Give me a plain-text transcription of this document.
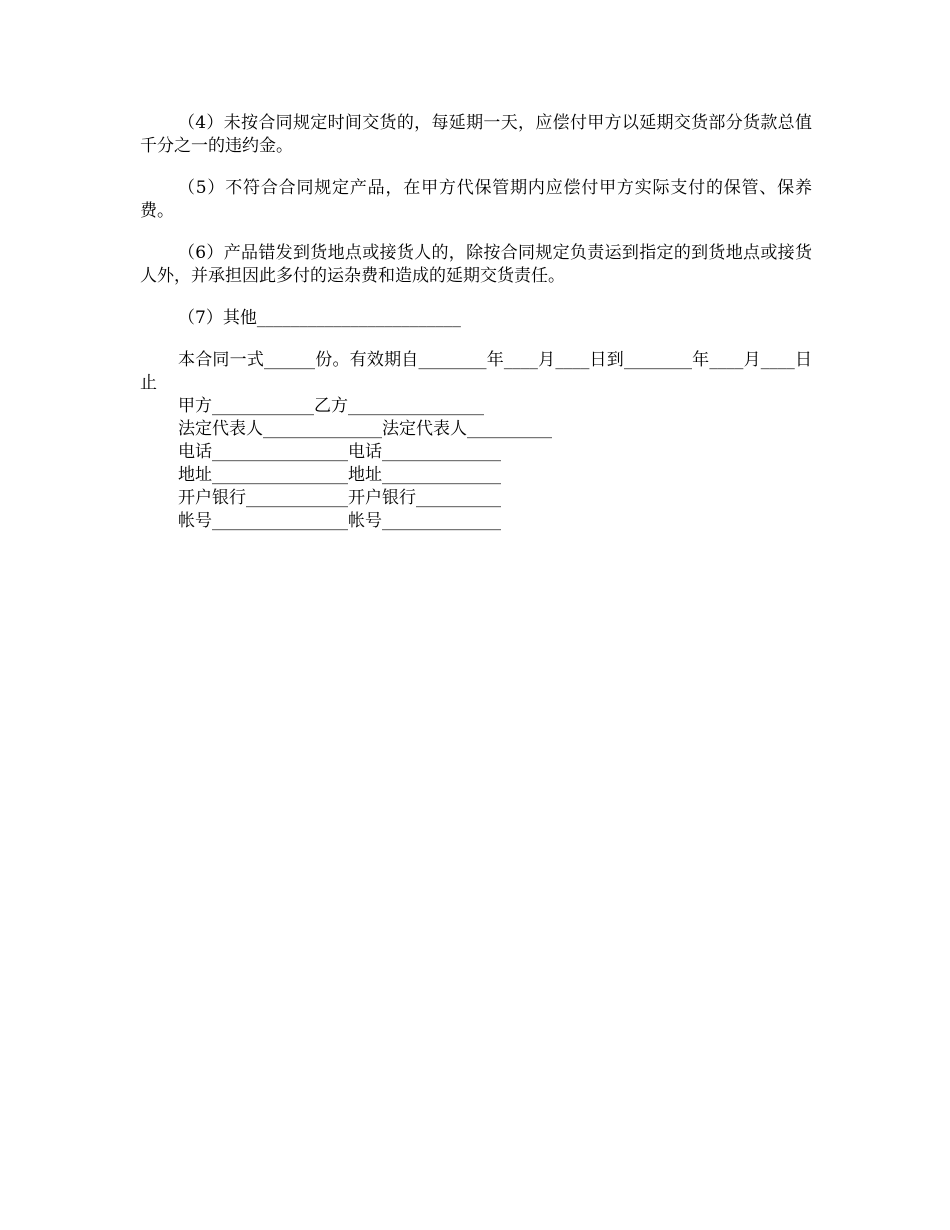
（4）未按合同规定时间交货的，每延期一天，应偿付甲方以延期交货部分货款总值千分之一的违约金。

（5）不符合合同规定产品，在甲方代保管期内应偿付甲方实际支付的保管、保养费。

（6）产品错发到货地点或接货人的，除按合同规定负责运到指定的到货地点或接货人外，并承担因此多付的运杂费和造成的延期交货责任。

（7）其他________________________

本合同一式______份。有效期自________年____月____日到________年____月____日止

甲方____________乙方________________

法定代表人______________法定代表人__________

电话________________电话______________

地址________________地址______________

开户银行____________开户银行__________

帐号________________帐号______________
